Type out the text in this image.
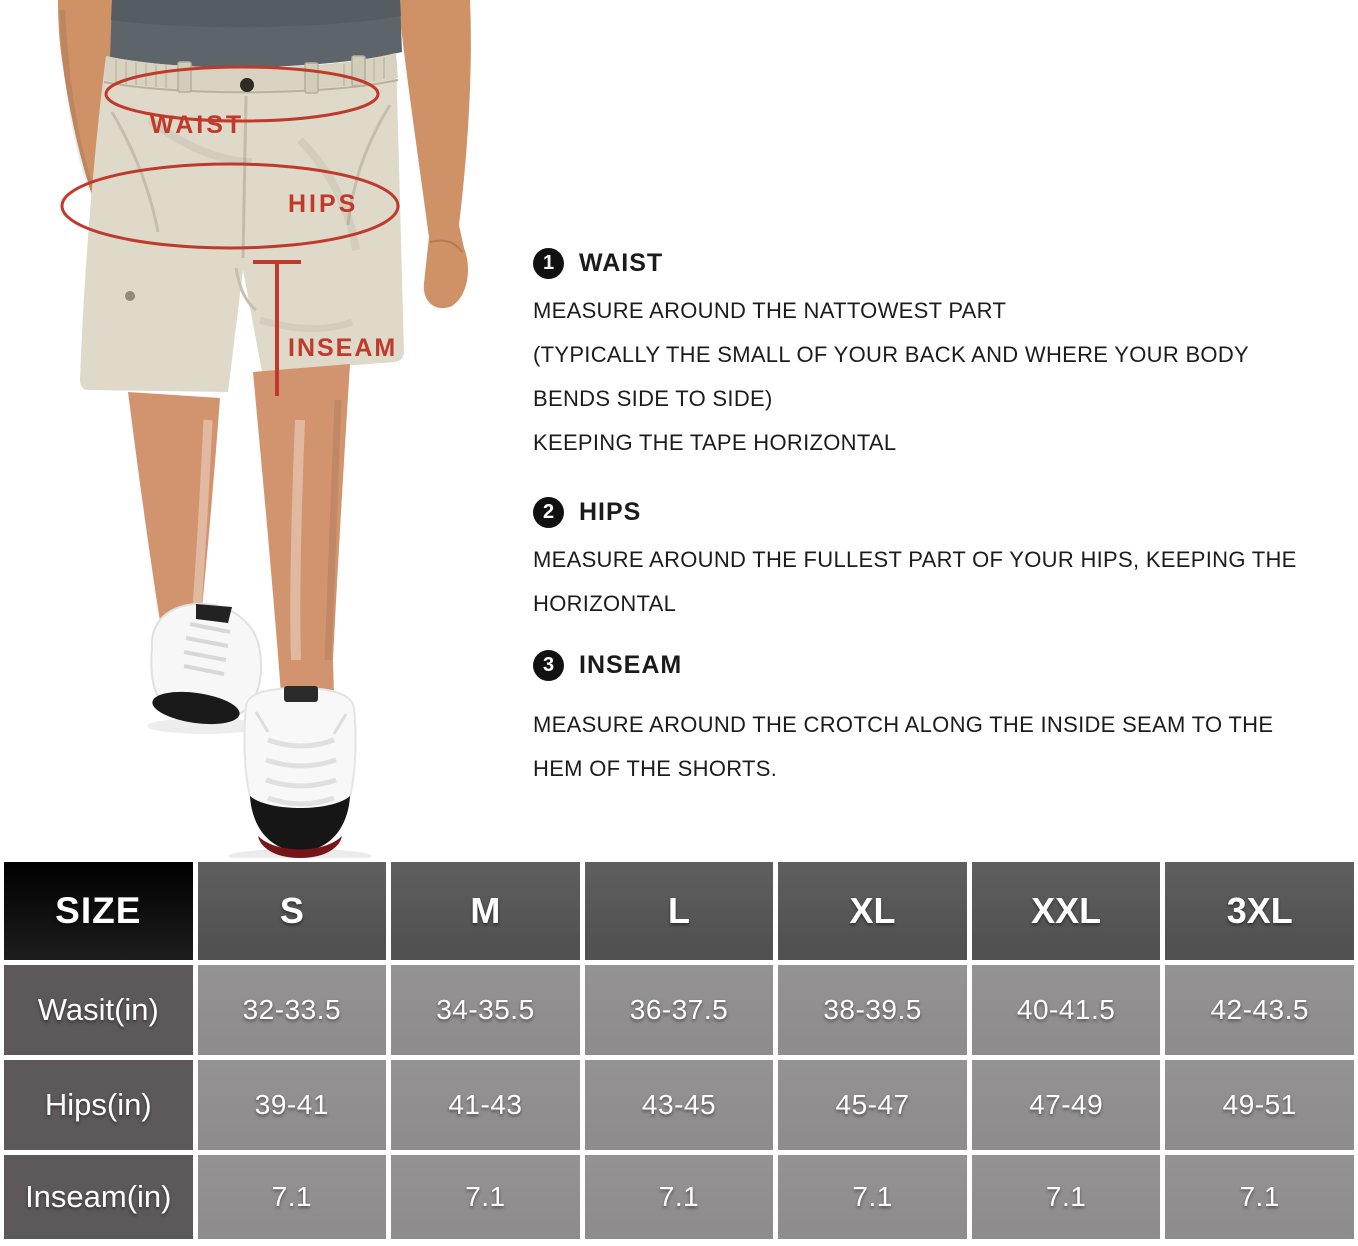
WAIST
HIPS
INSEAM
1 WAIST
MEASURE AROUND THE NATTOWEST PART
(TYPICALLY THE SMALL OF YOUR BACK AND WHERE YOUR BODY
BENDS SIDE TO SIDE)
KEEPING THE TAPE HORIZONTAL
2 HIPS
MEASURE AROUND THE FULLEST PART OF YOUR HIPS, KEEPING THE
HORIZONTAL
3 INSEAM
MEASURE AROUND THE CROTCH ALONG THE INSIDE SEAM TO THE
HEM OF THE SHORTS.
SIZE	S	M	L	XL	XXL	3XL
Wasit(in)	32-33.5	34-35.5	36-37.5	38-39.5	40-41.5	42-43.5
Hips(in)	39-41	41-43	43-45	45-47	47-49	49-51
Inseam(in)	7.1	7.1	7.1	7.1	7.1	7.1
